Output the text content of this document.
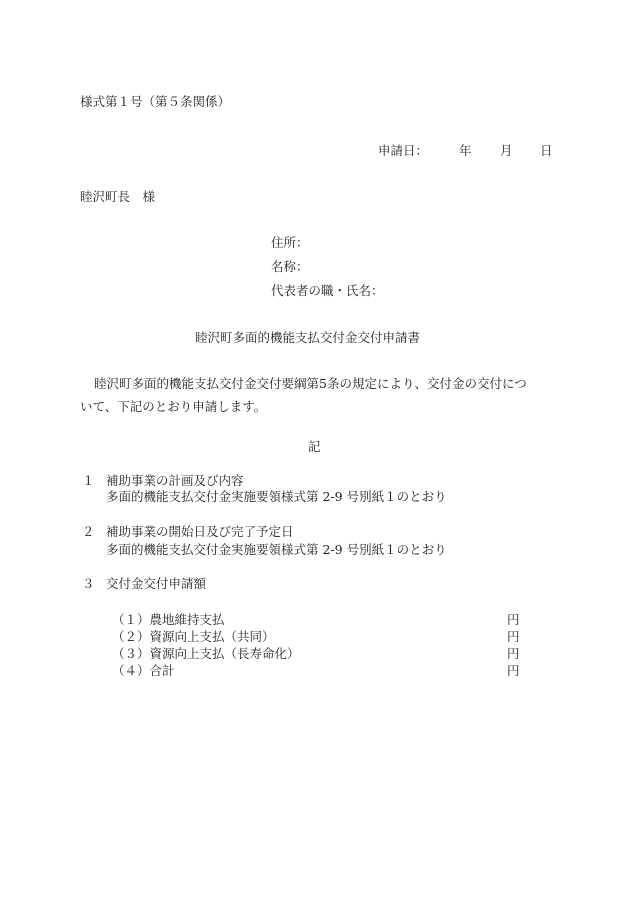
様式第１号（第５条関係）
申請日： 年 月 日
睦沢町長　様
住所：
名称：
代表者の職・氏名：
睦沢町多面的機能支払交付金交付申請書
睦沢町多面的機能支払交付金交付要綱第5条の規定により、交付金の交付につ
いて、下記のとおり申請します。
記
１ 補助事業の計画及び内容
多面的機能支払交付金実施要領様式第 2-9 号別紙１のとおり
２ 補助事業の開始日及び完了予定日
多面的機能支払交付金実施要領様式第 2-9 号別紙１のとおり
３ 交付金交付申請額
（１）農地維持支払	円
（２）資源向上支払（共同）	円
（３）資源向上支払（長寿命化）	円
（４）合計	円
